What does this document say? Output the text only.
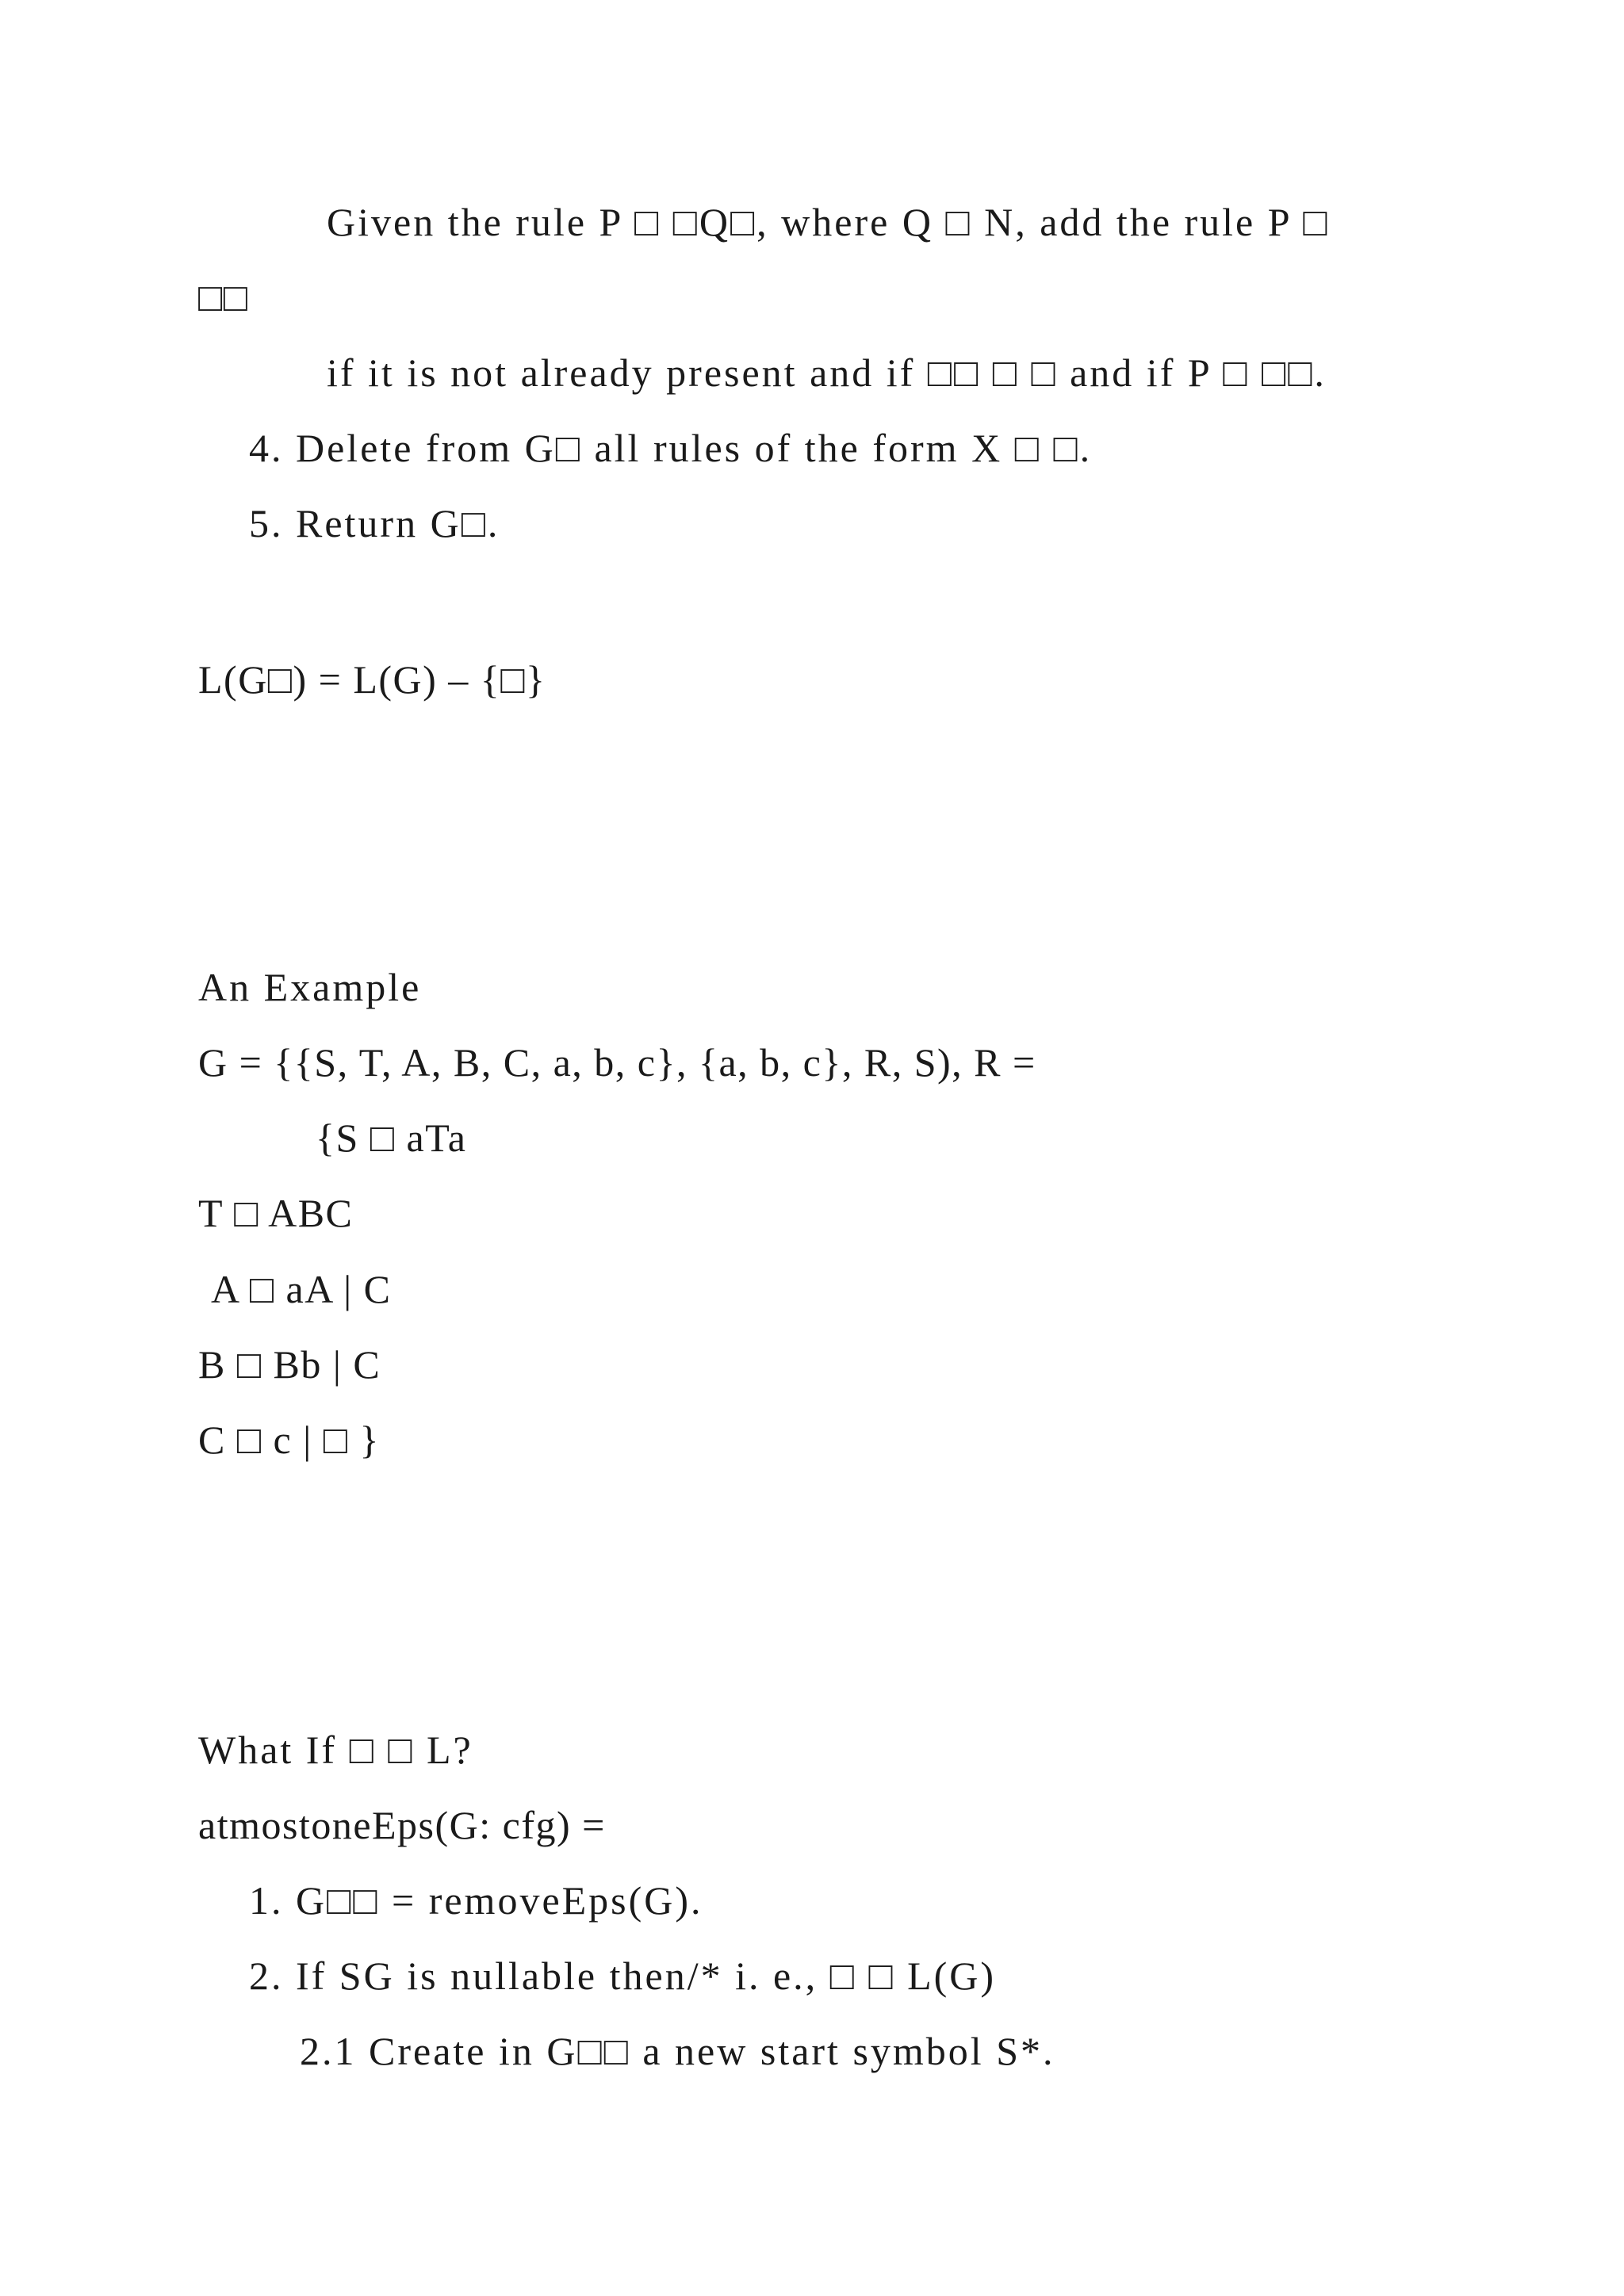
Given the rule P □ □Q□, where Q □ N, add the rule P □
□□
if it is not already present and if □□ □ □ and if P □ □□.
4. Delete from G□ all rules of the form X □ □.
5. Return G□.
L(G□) = L(G) – {□}
An Example
G = {{S, T, A, B, C, a, b, c}, {a, b, c}, R, S), R =
{S □ aTa
T □ ABC
A □ aA | C
B □ Bb | C
C □ c | □ }
What If □ □ L?
atmostoneEps(G: cfg) =
1. G□□ = removeEps(G).
2. If SG is nullable then/* i. e., □ □ L(G)
2.1 Create in G□□ a new start symbol S*.
